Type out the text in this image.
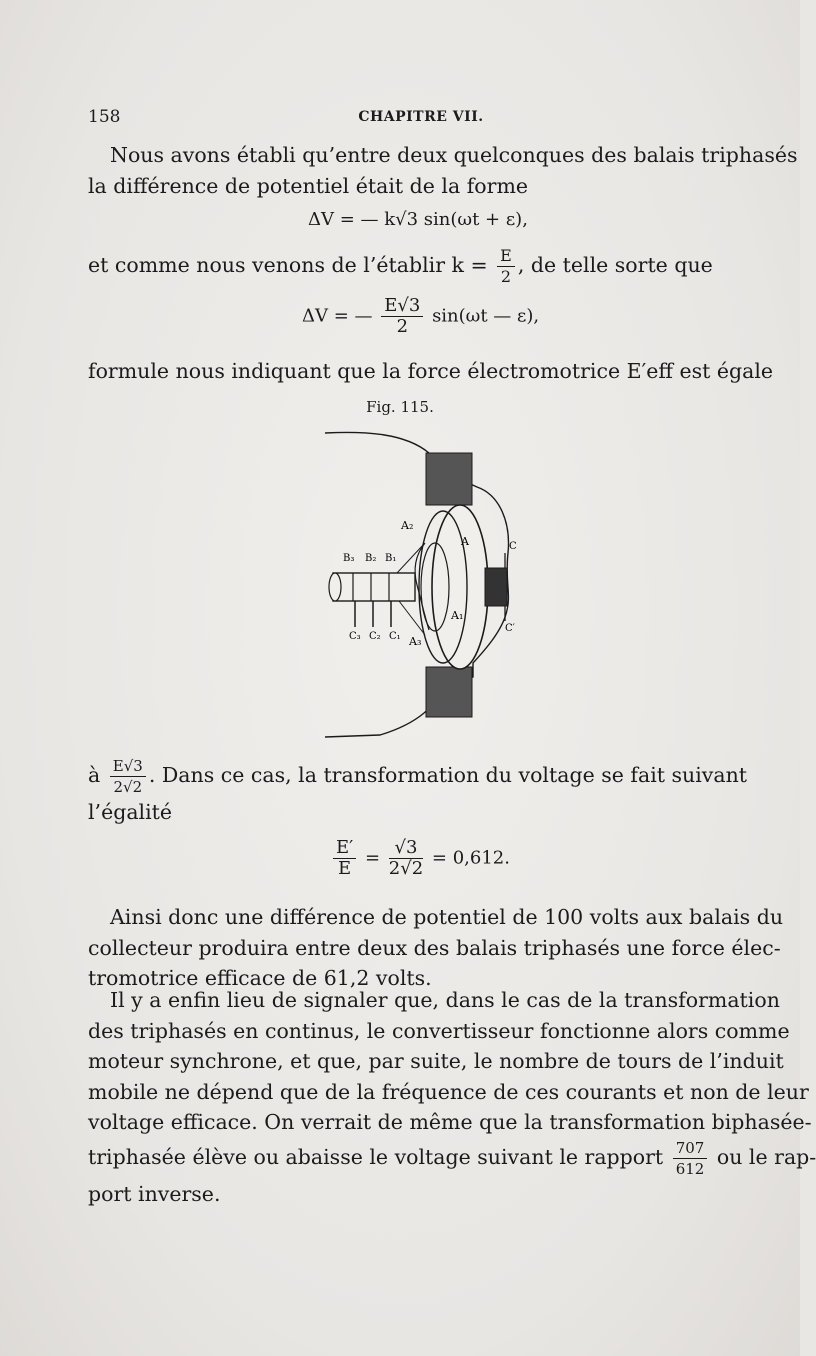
158	CHAPITRE VII.
Nous avons établi qu’entre deux quelconques des balais triphasés
la différence de potentiel était de la forme
ΔV = — k√3 sin(ωt + ε),
et comme nous venons de l’établir $k = \frac{E}{2}$ , de telle sorte que
ΔV = — $\frac{E√3}{2} \sin(\omega t$ — ε),
formule nous indiquant que la force électromotrice E′eff est égale
Fig. 115.
A₂
A
A₁
A₃
B₃ B₂ B₁
C₃ C₂ C₁
C
C′
à $\frac{E√3}{2√2}$ . Dans ce cas, la transformation du voltage se fait suivant
l’égalité
$\frac{E'}{E} = \frac{√3}{2√2} = 0,612$.
Ainsi donc une différence de potentiel de 100 volts aux balais du
collecteur produira entre deux des balais triphasés une force élec-
tromotrice efficace de 61,2 volts.
Il y a enfin lieu de signaler que, dans le cas de la transformation
des triphasés en continus, le convertisseur fonctionne alors comme
moteur synchrone, et que, par suite, le nombre de tours de l’induit
mobile ne dépend que de la fréquence de ces courants et non de leur
voltage efficace. On verrait de même que la transformation biphasée-
triphasée élève ou abaisse le voltage suivant le rapport $\frac{707}{612}$ ou le rap-
port inverse.
